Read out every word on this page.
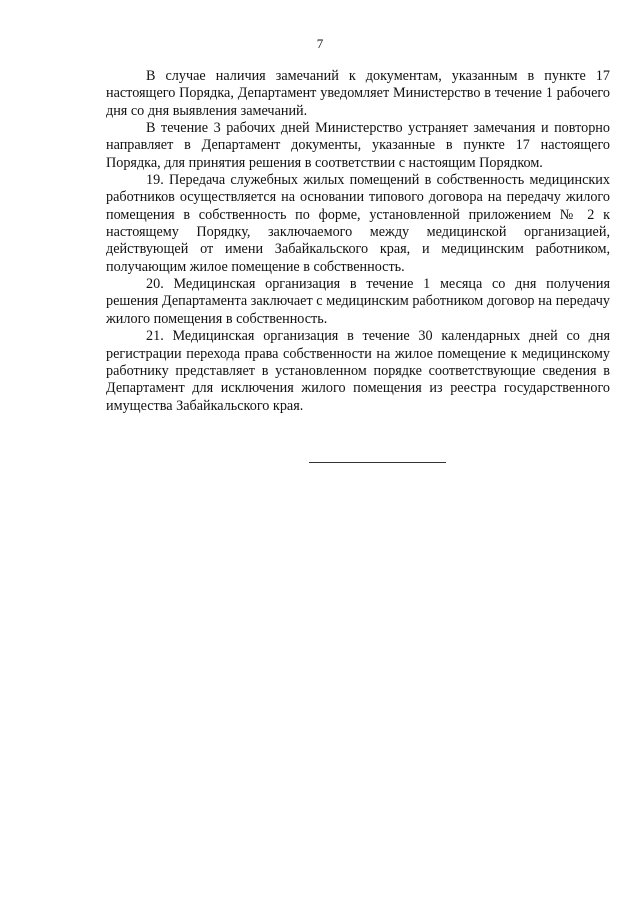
7

В случае наличия замечаний к документам, указанным в пункте 17 настоящего Порядка, Департамент уведомляет Министерство в течение 1 рабочего дня со дня выявления замечаний.

В течение 3 рабочих дней Министерство устраняет замечания и повторно направляет в Департамент документы, указанные в пункте 17 настоящего Порядка, для принятия решения в соответствии с настоящим Порядком.

19. Передача служебных жилых помещений в собственность медицинских работников осуществляется на основании типового договора на передачу жилого помещения в собственность по форме, установленной приложением № 2 к настоящему Порядку, заключаемого между медицинской организацией, действующей от имени Забайкальского края, и медицинским работником, получающим жилое помещение в собственность.

20. Медицинская организация в течение 1 месяца со дня получения решения Департамента заключает с медицинским работником договор на передачу жилого помещения в собственность.

21. Медицинская организация в течение 30 календарных дней со дня регистрации перехода права собственности на жилое помещение к медицинскому работнику представляет в установленном порядке соответствующие сведения в Департамент для исключения жилого помещения из реестра государственного имущества Забайкальского края.
